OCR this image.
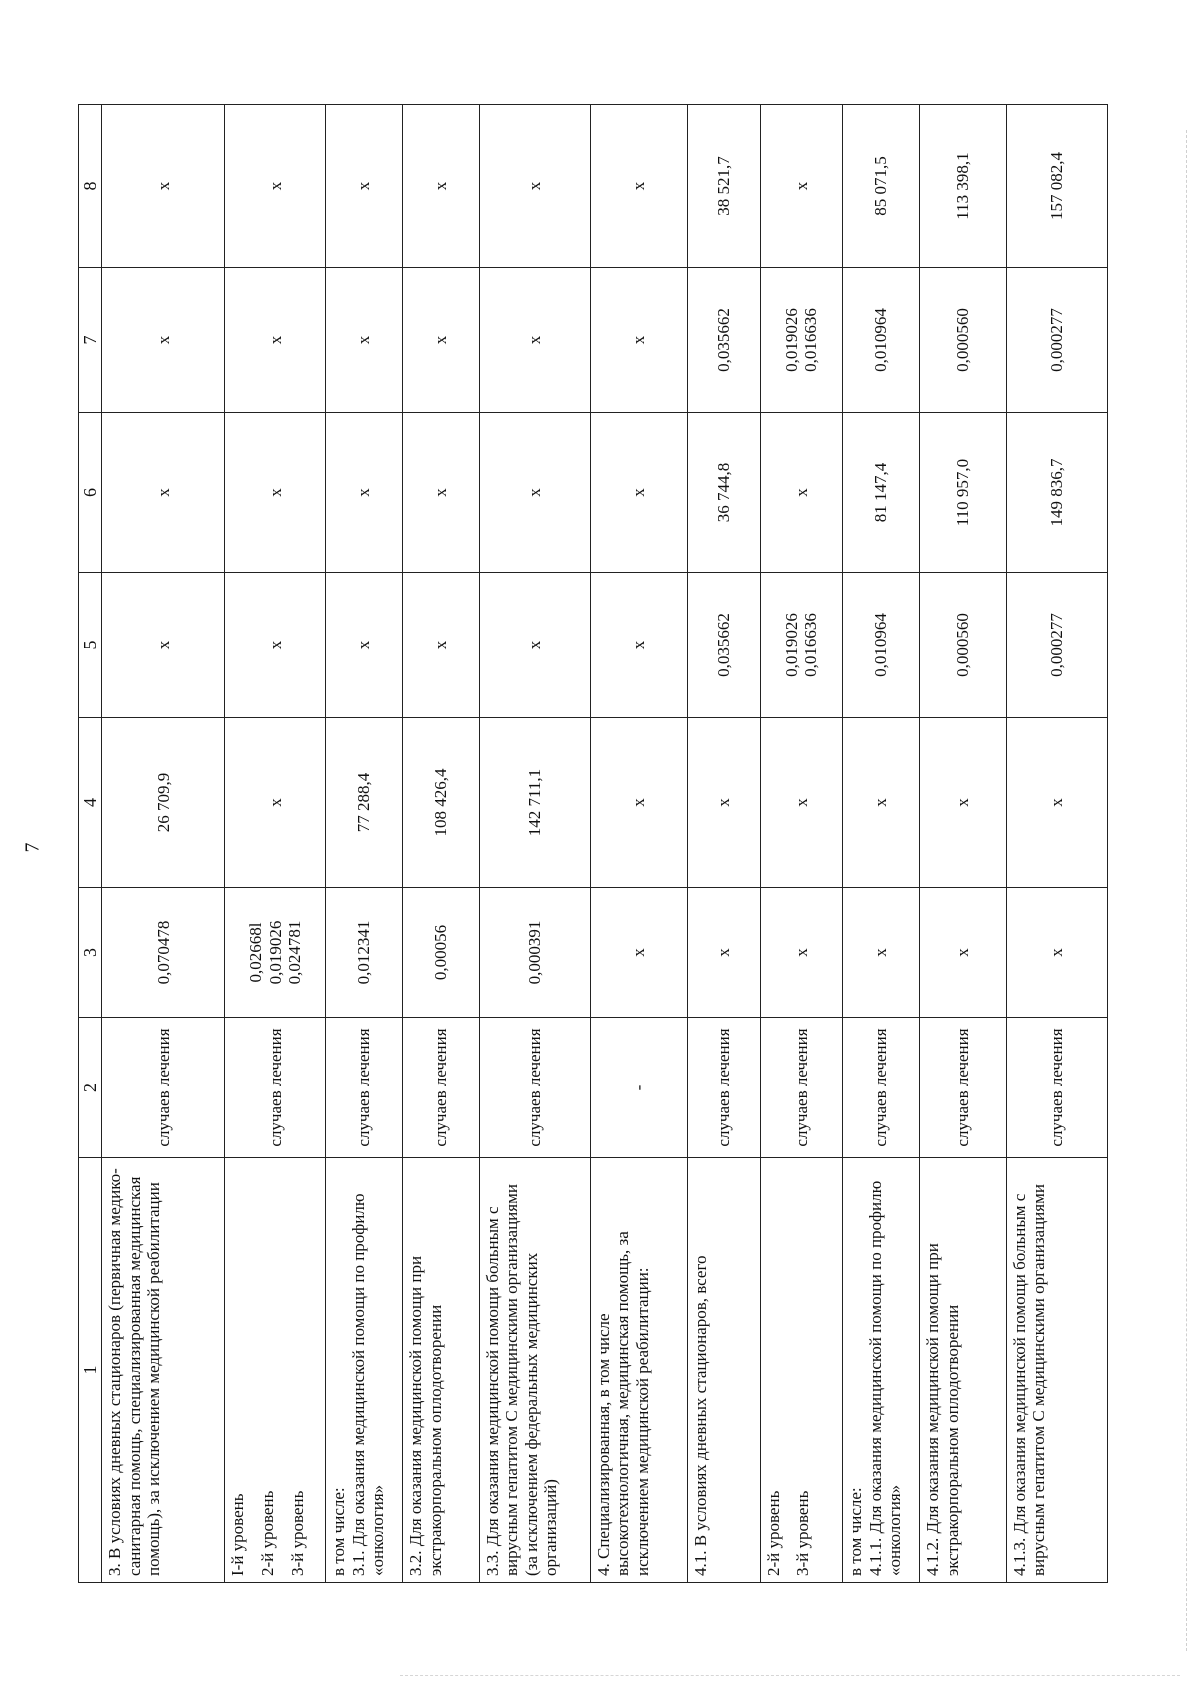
7
1	2	3	4	5	6	7	8

3. В условиях дневных стационаров (первичная медико-санитарная помощь, специализированная медицинская помощь), за исключением медицинской реабилитации	случаев лечения	0,070478	26 709,9	x	x	x	x

I-й уровень 2-й уровень 3-й уровень	случаев лечения	0,02668l 0,019026 0,024781	x	x	x	x	x

в том числе: 3.1. Для оказания медицинской помощи по профилю «онкология»	случаев лечения	0,012341	77 288,4	x	x	x	x

3.2. Для оказания медицинской помощи при экстракорпоральном оплодотворении	случаев лечения	0,00056	108 426,4	x	x	x	x

3.3. Для оказания медицинской помощи больным с вирусным гепатитом С медицинскими организациями (за исключением федеральных медицинских организаций)	случаев лечения	0,000391	142 711,1	x	x	x	x

4. Специализированная, в том числе высокотехнологичная, медицинская помощь, за исключением медицинской реабилитации:	-	x	x	x	x	x	x

4.1. В условиях дневных стационаров, всего	случаев лечения	x	x	0,035662	36 744,8	0,035662	38 521,7

2-й уровень 3-й уровень	случаев лечения	x	x	0,019026 0,016636	x	0,019026 0,016636	x

в том числе: 4.1.1. Для оказания медицинской помощи по профилю «онкология»	случаев лечения	x	x	0,010964	81 147,4	0,010964	85 071,5

4.1.2. Для оказания медицинской помощи при экстракорпоральном оплодотворении	случаев лечения	x	x	0,000560	110 957,0	0,000560	113 398,1

4.1.3. Для оказания медицинской помощи больным с вирусным гепатитом С медицинскими организациями	случаев лечения	x	x	0,000277	149 836,7	0,000277	157 082,4
